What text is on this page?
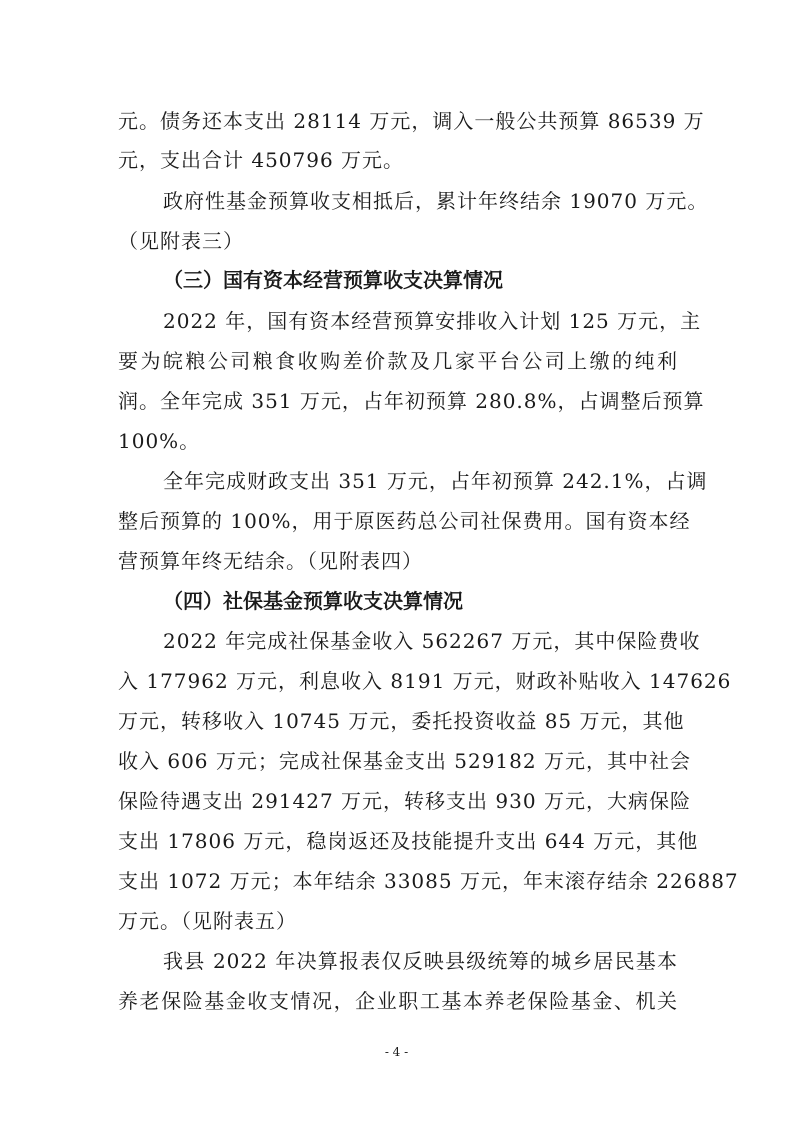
元。债务还本支出 28114 万元，调入一般公共预算 86539 万
元，支出合计 450796 万元。
政府性基金预算收支相抵后，累计年终结余 19070 万元。
（见附表三）
（三）国有资本经营预算收支决算情况
2022 年，国有资本经营预算安排收入计划 125 万元，主
要为皖粮公司粮食收购差价款及几家平台公司上缴的纯利
润。全年完成 351 万元，占年初预算 280.8%，占调整后预算
100%。
全年完成财政支出 351 万元，占年初预算 242.1%，占调
整后预算的 100%，用于原医药总公司社保费用。国有资本经
营预算年终无结余。（见附表四）
（四）社保基金预算收支决算情况
2022 年完成社保基金收入 562267 万元，其中保险费收
入 177962 万元，利息收入 8191 万元，财政补贴收入 147626
万元，转移收入 10745 万元，委托投资收益 85 万元，其他
收入 606 万元；完成社保基金支出 529182 万元，其中社会
保险待遇支出 291427 万元，转移支出 930 万元，大病保险
支出 17806 万元，稳岗返还及技能提升支出 644 万元，其他
支出 1072 万元；本年结余 33085 万元，年末滚存结余 226887
万元。（见附表五）
我县 2022 年决算报表仅反映县级统筹的城乡居民基本
养老保险基金收支情况，企业职工基本养老保险基金、机关
- 4 -
